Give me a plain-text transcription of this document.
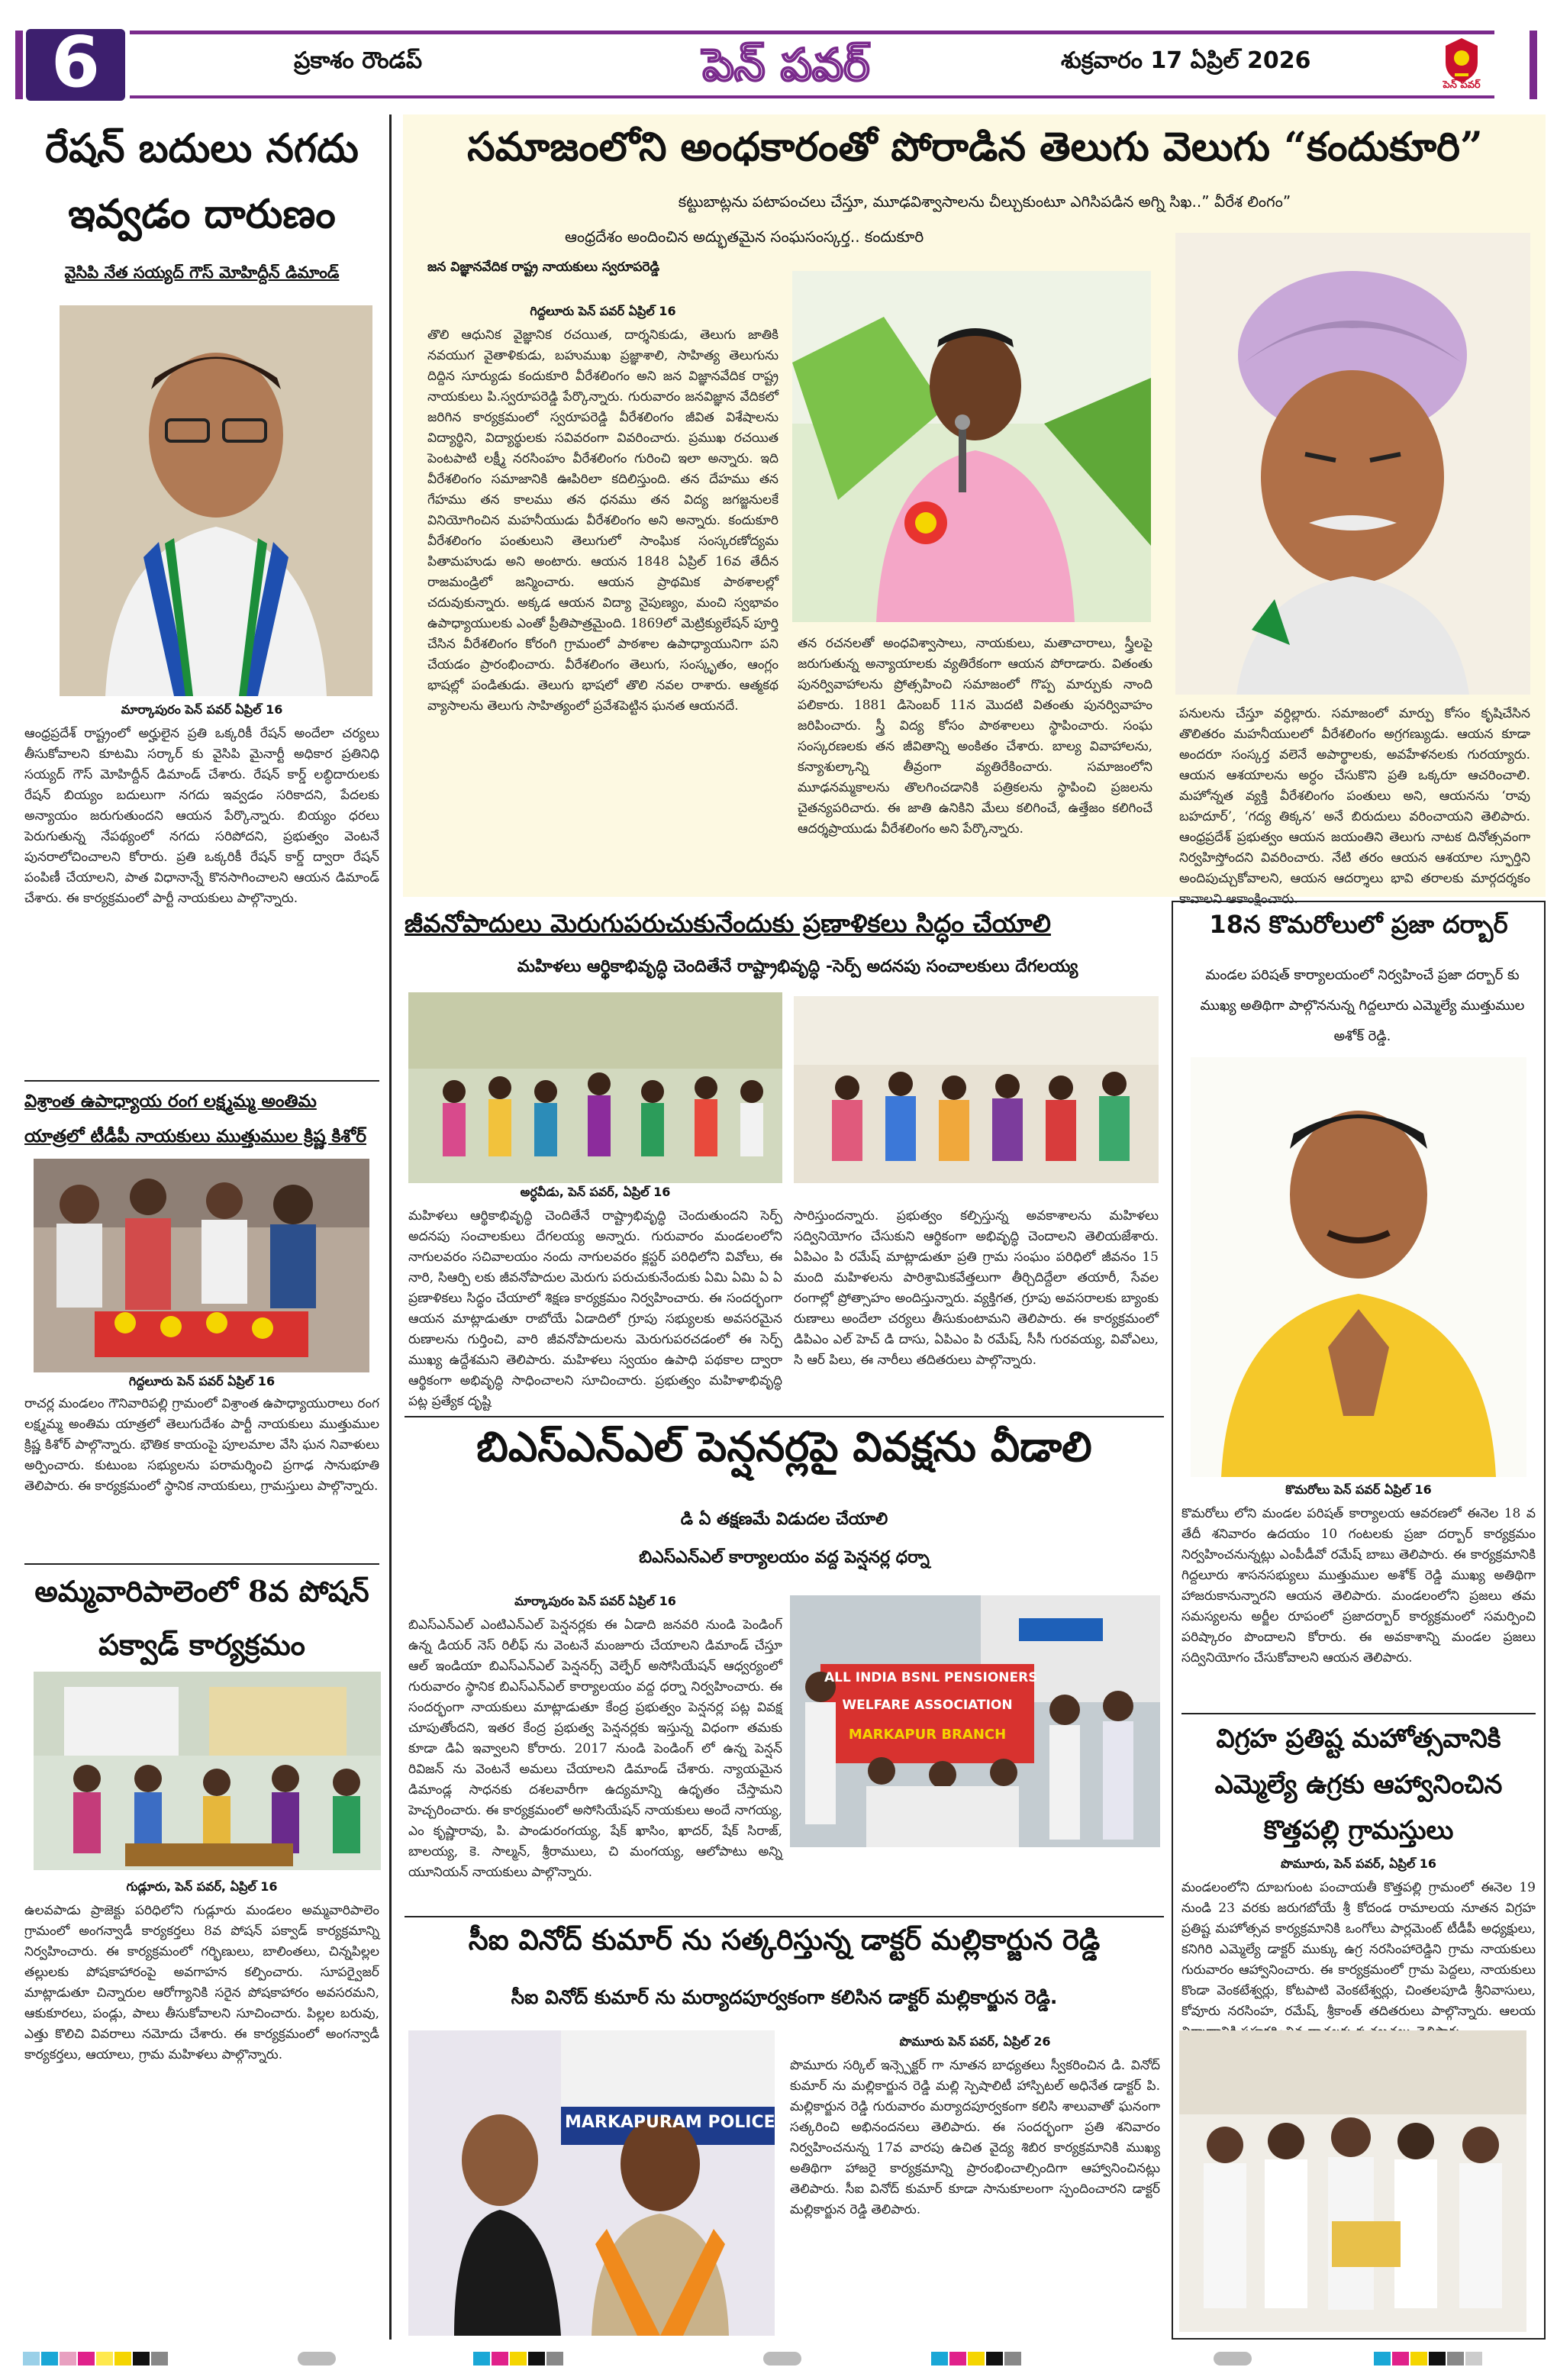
6	ప్రకాశం రౌండప్	పెన్ పవర్	శుక్రవారం 17 ఏప్రిల్ 2026
పెన్ పవర్
రేషన్ బదులు నగదు ఇవ్వడం దారుణం
వైసిపి నేత సయ్యద్ గౌస్ మోహిద్దీన్ డిమాండ్
మార్కాపురం పెన్ పవర్ ఏప్రిల్ 16
ఆంధ్రప్రదేశ్ రాష్ట్రంలో అర్హులైన ప్రతి ఒక్కరికీ రేషన్ అందేలా చర్యలు తీసుకోవాలని కూటమి సర్కార్ కు వైసిపి మైనార్టీ అధికార ప్రతినిధి సయ్యద్ గౌస్ మోహిద్దీన్ డిమాండ్ చేశారు. రేషన్ కార్డ్ లబ్ధిదారులకు రేషన్ బియ్యం బదులుగా నగదు ఇవ్వడం సరికాదని, పేదలకు అన్యాయం జరుగుతుందని ఆయన పేర్కొన్నారు. బియ్యం ధరలు పెరుగుతున్న నేపథ్యంలో నగదు సరిపోదని, ప్రభుత్వం వెంటనే పునరాలోచించాలని కోరారు. ప్రతి ఒక్కరికీ రేషన్ కార్డ్ ద్వారా రేషన్ పంపిణీ చేయాలని, పాత విధానాన్నే కొనసాగించాలని ఆయన డిమాండ్ చేశారు. ఈ కార్యక్రమంలో పార్టీ నాయకులు పాల్గొన్నారు.
విశ్రాంత ఉపాధ్యాయ రంగ లక్ష్మమ్మ అంతిమ యాత్రలో టీడీపీ నాయకులు ముత్తుముల క్రిష్ణ కిశోర్
గిద్దలూరు పెన్ పవర్ ఏప్రిల్ 16
రాచర్ల మండలం గౌనివారిపల్లి గ్రామంలో విశ్రాంత ఉపాధ్యాయురాలు రంగ లక్ష్మమ్మ అంతిమ యాత్రలో తెలుగుదేశం పార్టీ నాయకులు ముత్తుముల క్రిష్ణ కిశోర్ పాల్గొన్నారు. భౌతిక కాయంపై పూలమాల వేసి ఘన నివాళులు అర్పించారు. కుటుంబ సభ్యులను పరామర్శించి ప్రగాఢ సానుభూతి తెలిపారు. ఈ కార్యక్రమంలో స్థానిక నాయకులు, గ్రామస్తులు పాల్గొన్నారు.
అమ్మవారిపాలెంలో 8వ పోషన్ పక్వాడ్ కార్యక్రమం
గుడ్లూరు, పెన్ పవర్, ఏప్రిల్ 16
ఉలవపాడు ప్రాజెక్టు పరిధిలోని గుడ్లూరు మండలం అమ్మవారిపాలెం గ్రామంలో అంగన్వాడీ కార్యకర్తలు 8వ పోషన్ పక్వాడ్ కార్యక్రమాన్ని నిర్వహించారు. ఈ కార్యక్రమంలో గర్భిణులు, బాలింతలు, చిన్నపిల్లల తల్లులకు పోషకాహారంపై అవగాహన కల్పించారు. సూపర్వైజర్ మాట్లాడుతూ చిన్నారుల ఆరోగ్యానికి సరైన పోషకాహారం అవసరమని, ఆకుకూరలు, పండ్లు, పాలు తీసుకోవాలని సూచించారు. పిల్లల బరువు, ఎత్తు కొలిచి వివరాలు నమోదు చేశారు. ఈ కార్యక్రమంలో అంగన్వాడీ కార్యకర్తలు, ఆయాలు, గ్రామ మహిళలు పాల్గొన్నారు.
సమాజంలోని అంధకారంతో పోరాడిన తెలుగు వెలుగు “కందుకూరి”
కట్టుబాట్లను పటాపంచలు చేస్తూ, మూఢవిశ్వాసాలను చీల్చుకుంటూ ఎగిసిపడిన అగ్ని సిఖ..” వీరేశ లింగం”
ఆంధ్రదేశం అందించిన అద్భుతమైన సంఘసంస్కర్త.. కందుకూరి
జన విజ్ఞానవేదిక రాష్ట్ర నాయకులు స్వరూపరెడ్డి
గిద్దలూరు పెన్ పవర్ ఏప్రిల్ 16
తొలి ఆధునిక వైజ్ఞానిక రచయిత, దార్శనికుడు, తెలుగు జాతికి నవయుగ వైతాళికుడు, బహుముఖ ప్రజ్ఞాశాలి, సాహిత్య తెలుగును దిద్దిన సూర్యుడు కందుకూరి వీరేశలింగం అని జన విజ్ఞానవేదిక రాష్ట్ర నాయకులు పి.స్వరూపరెడ్డి పేర్కొన్నారు. గురువారం జనవిజ్ఞాన వేదికలో జరిగిన కార్యక్రమంలో స్వరూపరెడ్డి వీరేశలింగం జీవిత విశేషాలను విద్యార్థిని, విద్యార్థులకు సవివరంగా వివరించారు. ప్రముఖ రచయిత పెంటపాటి లక్ష్మీ నరసింహం వీరేశలింగం గురించి ఇలా అన్నారు. ఇది వీరేశలింగం సమాజానికి ఊపిరిలా కదిలిస్తుంది. తన దేహము తన గేహము తన కాలము తన ధనము తన విద్య జగజ్జనులకే వినియోగించిన మహనీయుడు వీరేశలింగం అని అన్నారు. కందుకూరి వీరేశలింగం పంతులుని తెలుగులో సాంఘిక సంస్కరణోద్యమ పితామహుడు అని అంటారు. ఆయన 1848 ఏప్రిల్ 16వ తేదీన రాజమండ్రిలో జన్మించారు. ఆయన ప్రాథమిక పాఠశాలల్లో చదువుకున్నారు. అక్కడ ఆయన విద్యా నైపుణ్యం, మంచి స్వభావం ఉపాధ్యాయులకు ఎంతో ప్రీతిపాత్రమైంది. 1869లో మెట్రిక్యులేషన్ పూర్తి చేసిన వీరేశలింగం కోరంగి గ్రామంలో పాఠశాల ఉపాధ్యాయునిగా పని చేయడం ప్రారంభించారు. వీరేశలింగం తెలుగు, సంస్కృతం, ఆంగ్లం భాషల్లో పండితుడు. తెలుగు భాషలో తొలి నవల రాశారు. ఆత్మకథ వ్యాసాలను తెలుగు సాహిత్యంలో ప్రవేశపెట్టిన ఘనత ఆయనదే.
తన రచనలతో అంధవిశ్వాసాలు, నాయకులు, మతాచారాలు, స్త్రీలపై జరుగుతున్న అన్యాయాలకు వ్యతిరేకంగా ఆయన పోరాడారు. వితంతు పునర్వివాహాలను ప్రోత్సహించి సమాజంలో గొప్ప మార్పుకు నాంది పలికారు. 1881 డిసెంబర్ 11న మొదటి వితంతు పునర్వివాహం జరిపించారు. స్త్రీ విద్య కోసం పాఠశాలలు స్థాపించారు. సంఘ సంస్కరణలకు తన జీవితాన్ని అంకితం చేశారు. బాల్య వివాహాలను, కన్యాశుల్కాన్ని తీవ్రంగా వ్యతిరేకించారు. సమాజంలోని మూఢనమ్మకాలను తొలగించడానికి పత్రికలను స్థాపించి ప్రజలను చైతన్యపరిచారు. ఈ జాతి ఉనికిని మేలు కలిగించే, ఉత్తేజం కలిగించే ఆదర్శప్రాయుడు వీరేశలింగం అని పేర్కొన్నారు.
పనులను చేస్తూ వర్ధిల్లారు. సమాజంలో మార్పు కోసం కృషిచేసిన తొలితరం మహనీయులలో వీరేశలింగం అగ్రగణ్యుడు. ఆయన కూడా అందరూ సంస్కర్త వలెనే అపార్థాలకు, అవహేళనలకు గురయ్యారు. ఆయన ఆశయాలను అర్ధం చేసుకొని ప్రతి ఒక్కరూ ఆచరించాలి. మహోన్నత వ్యక్తి వీరేశలింగం పంతులు అని, ఆయనను ‘రావు బహదూర్’, ‘గద్య తిక్కన’ అనే బిరుదులు వరించాయని తెలిపారు. ఆంధ్రప్రదేశ్ ప్రభుత్వం ఆయన జయంతిని తెలుగు నాటక దినోత్సవంగా నిర్వహిస్తోందని వివరించారు. నేటి తరం ఆయన ఆశయాల స్ఫూర్తిని అందిపుచ్చుకోవాలని, ఆయన ఆదర్శాలు భావి తరాలకు మార్గదర్శకం కావాలని ఆకాంక్షించారు.
జీవనోపాదులు మెరుగుపరుచుకునేందుకు ప్రణాళికలు సిద్ధం చేయాలి
మహిళలు ఆర్థికాభివృద్ధి చెందితేనే రాష్ట్రాభివృద్ధి -సెర్ప్ అదనపు సంచాలకులు దేగలయ్య
అర్ధవీడు, పెన్ పవర్, ఏప్రిల్ 16
మహిళలు ఆర్థికాభివృద్ధి చెందితేనే రాష్ట్రాభివృద్ధి చెందుతుందని సెర్ప్ అదనపు సంచాలకులు దేగలయ్య అన్నారు. గురువారం మండలంలోని నాగులవరం సచివాలయం నందు నాగులవరం క్లస్టర్ పరిధిలోని వివోలు, ఈ నారి, సిఆర్పి లకు జీవనోపాదుల మెరుగు పరుచుకునేందుకు ఏమి ఏమి ఏ ఏ ప్రణాళికలు సిద్ధం చేయాలో శిక్షణ కార్యక్రమం నిర్వహించారు. ఈ సందర్భంగా ఆయన మాట్లాడుతూ రాబోయే ఏడాదిలో గ్రూపు సభ్యులకు అవసరమైన రుణాలను గుర్తించి, వారి జీవనోపాదులను మెరుగుపరచడంలో ఈ సెర్ప్ ముఖ్య ఉద్దేశమని తెలిపారు. మహిళలు స్వయం ఉపాధి పథకాల ద్వారా ఆర్థికంగా అభివృద్ధి సాధించాలని సూచించారు. ప్రభుత్వం మహిళాభివృద్ధి పట్ల ప్రత్యేక దృష్టి
సారిస్తుందన్నారు. ప్రభుత్వం కల్పిస్తున్న అవకాశాలను మహిళలు సద్వినియోగం చేసుకుని ఆర్థికంగా అభివృద్ధి చెందాలని తెలియజేశారు. ఏపిఎం పి రమేష్ మాట్లాడుతూ ప్రతి గ్రామ సంఘం పరిధిలో జీవనం 15 మంది మహిళలను పారిశ్రామికవేత్తలుగా తీర్చిదిద్దేలా తయారీ, సేవల రంగాల్లో ప్రోత్సాహం అందిస్తున్నారు. వ్యక్తిగత, గ్రూపు అవసరాలకు బ్యాంకు రుణాలు అందేలా చర్యలు తీసుకుంటామని తెలిపారు. ఈ కార్యక్రమంలో డిపిఎం ఎల్ హెచ్ డి దాసు, ఏపిఎం పి రమేష్, సీసీ గురవయ్య, వివోఎలు, సి ఆర్ పిలు, ఈ నారీలు తదితరులు పాల్గొన్నారు.
బిఎస్ఎన్ఎల్ పెన్షనర్లపై వివక్షను వీడాలి
డి ఏ తక్షణమే విడుదల చేయాలి
బిఎస్ఎన్ఎల్ కార్యాలయం వద్ద పెన్షనర్ల ధర్నా
మార్కాపురం పెన్ పవర్ ఏప్రిల్ 16
బిఎస్ఎన్ఎల్ ఎంటిఎన్ఎల్ పెన్షనర్లకు ఈ ఏడాది జనవరి నుండి పెండింగ్ ఉన్న డియర్ నెస్ రిలీఫ్ ను వెంటనే మంజూరు చేయాలని డిమాండ్ చేస్తూ ఆల్ ఇండియా బిఎస్ఎన్ఎల్ పెన్షనర్స్ వెల్ఫేర్ అసోసియేషన్ ఆధ్వర్యంలో గురువారం స్థానిక బిఎస్ఎన్ఎల్ కార్యాలయం వద్ద ధర్నా నిర్వహించారు. ఈ సందర్భంగా నాయకులు మాట్లాడుతూ కేంద్ర ప్రభుత్వం పెన్షనర్ల పట్ల వివక్ష చూపుతోందని, ఇతర కేంద్ర ప్రభుత్వ పెన్షనర్లకు ఇస్తున్న విధంగా తమకు కూడా డిఏ ఇవ్వాలని కోరారు. 2017 నుండి పెండింగ్ లో ఉన్న పెన్షన్ రివిజన్ ను వెంటనే అమలు చేయాలని డిమాండ్ చేశారు. న్యాయమైన డిమాండ్ల సాధనకు దశలవారీగా ఉద్యమాన్ని ఉధృతం చేస్తామని హెచ్చరించారు. ఈ కార్యక్రమంలో అసోసియేషన్ నాయకులు అందే నాగయ్య, ఎం కృష్ణారావు, పి. పాండురంగయ్య, షేక్ ఖాసిం, ఖాదర్, షేక్ సిరాజ్, బాలయ్య, కె. సాల్మన్, శ్రీరాములు, చి మంగయ్య, ఆలోపాటు అన్ని యూనియన్ నాయకులు పాల్గొన్నారు.
ALL INDIA BSNL PENSIONERS
WELFARE ASSOCIATION
MARKAPUR BRANCH
సీఐ వినోద్ కుమార్ ను సత్కరిస్తున్న డాక్టర్ మల్లికార్జున రెడ్డి
సీఐ వినోద్ కుమార్ ను మర్యాదపూర్వకంగా కలిసిన డాక్టర్ మల్లికార్జున రెడ్డి.
MARKAPURAM POLICE
పొమూరు పెన్ పవర్, ఏప్రిల్ 26
పొమూరు సర్కిల్ ఇన్స్పెక్టర్ గా నూతన బాధ్యతలు స్వీకరించిన డి. వినోద్ కుమార్ ను మల్లికార్జున రెడ్డి మల్లి స్పెషాలిటీ హాస్పిటల్ అధినేత డాక్టర్ పి. మల్లికార్జున రెడ్డి గురువారం మర్యాదపూర్వకంగా కలిసి శాలువాతో ఘనంగా సత్కరించి అభినందనలు తెలిపారు. ఈ సందర్భంగా ప్రతి శనివారం నిర్వహించనున్న 17వ వారపు ఉచిత వైద్య శిబిర కార్యక్రమానికి ముఖ్య అతిథిగా హాజరై కార్యక్రమాన్ని ప్రారంభించాల్సిందిగా ఆహ్వానించినట్లు తెలిపారు. సీఐ వినోద్ కుమార్ కూడా సానుకూలంగా స్పందించారని డాక్టర్ మల్లికార్జున రెడ్డి తెలిపారు.
18న కొమరోలులో ప్రజా దర్బార్
మండల పరిషత్ కార్యాలయంలో నిర్వహించే ప్రజా దర్బార్ కు ముఖ్య అతిథిగా పాల్గొననున్న గిద్దలూరు ఎమ్మెల్యే ముత్తుముల అశోక్ రెడ్డి.
కొమరోలు పెన్ పవర్ ఏప్రిల్ 16
కొమరోలు లోని మండల పరిషత్ కార్యాలయ ఆవరణలో ఈనెల 18 వ తేదీ శనివారం ఉదయం 10 గంటలకు ప్రజా దర్బార్ కార్యక్రమం నిర్వహించనున్నట్లు ఎంపీడీవో రమేష్ బాబు తెలిపారు. ఈ కార్యక్రమానికి గిద్దలూరు శాసనసభ్యులు ముత్తుముల అశోక్ రెడ్డి ముఖ్య అతిథిగా హాజరుకానున్నారని ఆయన తెలిపారు. మండలంలోని ప్రజలు తమ సమస్యలను అర్జీల రూపంలో ప్రజాదర్బార్ కార్యక్రమంలో సమర్పించి పరిష్కారం పొందాలని కోరారు. ఈ అవకాశాన్ని మండల ప్రజలు సద్వినియోగం చేసుకోవాలని ఆయన తెలిపారు.
విగ్రహ ప్రతిష్ట మహోత్సవానికి ఎమ్మెల్యే ఉగ్రకు ఆహ్వానించిన కొత్తపల్లి గ్రామస్తులు
పొమూరు, పెన్ పవర్, ఏప్రిల్ 16
మండలంలోని దూబగుంట పంచాయతీ కొత్తపల్లి గ్రామంలో ఈనెల 19 నుండి 23 వరకు జరుగబోయే శ్రీ కోదండ రామాలయ నూతన విగ్రహ ప్రతిష్ట మహోత్సవ కార్యక్రమానికి ఒంగోలు పార్లమెంట్ టీడీపీ అధ్యక్షులు, కనిగిరి ఎమ్మెల్యే డాక్టర్ ముక్కు ఉగ్ర నరసింహారెడ్డిని గ్రామ నాయకులు గురువారం ఆహ్వానించారు. ఈ కార్యక్రమంలో గ్రామ పెద్దలు, నాయకులు కొండా వెంకటేశ్వర్లు, కోటపాటి వెంకటేశ్వర్లు, చింతలపూడి శ్రీనివాసులు, కోవూరు నరసింహ, రమేష్, శ్రీకాంత్ తదితరులు పాల్గొన్నారు. ఆలయ
